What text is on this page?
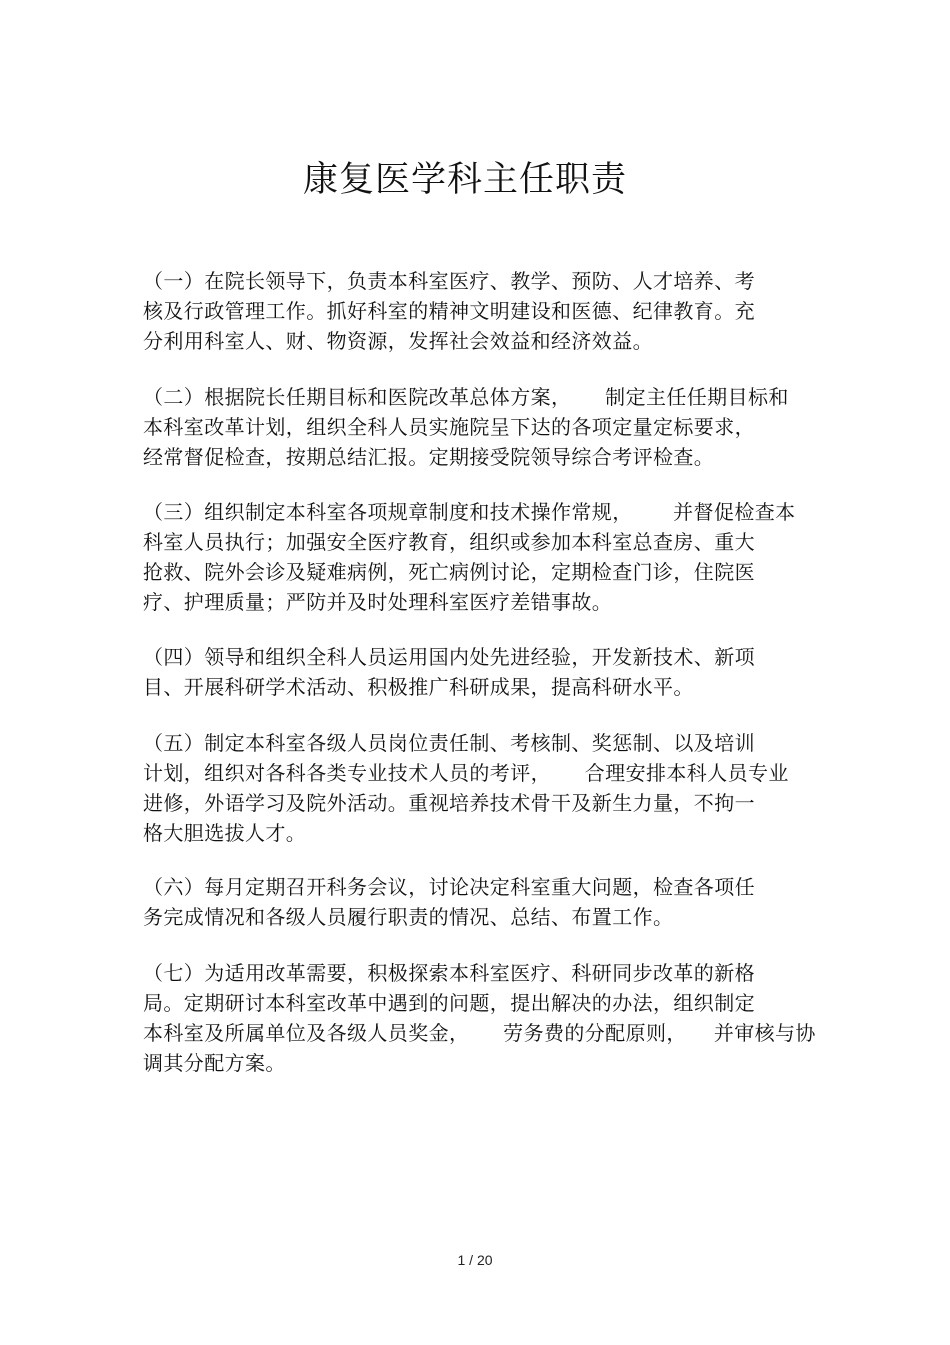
康复医学科主任职责
（一）在院长领导下，负责本科室医疗、教学、预防、人才培养、考
核及行政管理工作。抓好科室的精神文明建设和医德、纪律教育。充
分利用科室人、财、物资源，发挥社会效益和经济效益。
（二）根据院长任期目标和医院改革总体方案，     制定主任任期目标和
本科室改革计划，组织全科人员实施院呈下达的各项定量定标要求，
经常督促检查，按期总结汇报。定期接受院领导综合考评检查。
（三）组织制定本科室各项规章制度和技术操作常规，      并督促检查本
科室人员执行；加强安全医疗教育，组织或参加本科室总查房、重大
抢救、院外会诊及疑难病例，死亡病例讨论，定期检查门诊，住院医
疗、护理质量；严防并及时处理科室医疗差错事故。
（四）领导和组织全科人员运用国内处先进经验，开发新技术、新项
目、开展科研学术活动、积极推广科研成果，提高科研水平。
（五）制定本科室各级人员岗位责任制、考核制、奖惩制、以及培训
计划，组织对各科各类专业技术人员的考评，     合理安排本科人员专业
进修，外语学习及院外活动。重视培养技术骨干及新生力量，不拘一
格大胆选拔人才。
（六）每月定期召开科务会议，讨论决定科室重大问题，检查各项任
务完成情况和各级人员履行职责的情况、总结、布置工作。
（七）为适用改革需要，积极探索本科室医疗、科研同步改革的新格
局。定期研讨本科室改革中遇到的问题，提出解决的办法，组织制定
本科室及所属单位及各级人员奖金，     劳务费的分配原则，    并审核与协
调其分配方案。
1 / 20
